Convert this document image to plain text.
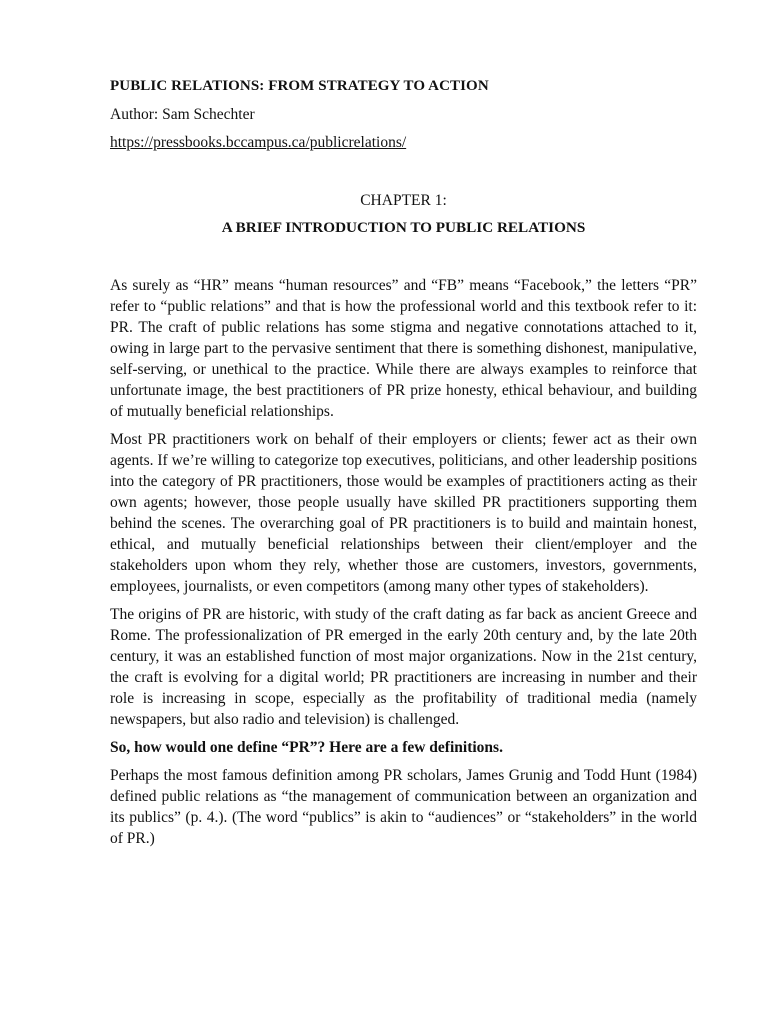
PUBLIC RELATIONS: FROM STRATEGY TO ACTION
Author: Sam Schechter
https://pressbooks.bccampus.ca/publicrelations/
CHAPTER 1:
A BRIEF INTRODUCTION TO PUBLIC RELATIONS

As surely as “HR” means “human resources” and “FB” means “Facebook,” the letters “PR” refer to “public relations” and that is how the professional world and this textbook refer to it: PR. The craft of public relations has some stigma and negative connotations attached to it, owing in large part to the pervasive sentiment that there is something dishonest, manipulative, self-serving, or unethical to the practice. While there are always examples to reinforce that unfortunate image, the best practitioners of PR prize honesty, ethical behaviour, and building of mutually beneficial relationships.

Most PR practitioners work on behalf of their employers or clients; fewer act as their own agents. If we’re willing to categorize top executives, politicians, and other leadership positions into the category of PR practitioners, those would be examples of practitioners acting as their own agents; however, those people usually have skilled PR practitioners supporting them behind the scenes. The overarching goal of PR practitioners is to build and maintain honest, ethical, and mutually beneficial relationships between their client/employer and the stakeholders upon whom they rely, whether those are customers, investors, governments, employees, journalists, or even competitors (among many other types of stakeholders).

The origins of PR are historic, with study of the craft dating as far back as ancient Greece and Rome. The professionalization of PR emerged in the early 20th century and, by the late 20th century, it was an established function of most major organizations. Now in the 21st century, the craft is evolving for a digital world; PR practitioners are increasing in number and their role is increasing in scope, especially as the profitability of traditional media (namely newspapers, but also radio and television) is challenged.

So, how would one define “PR”? Here are a few definitions.

Perhaps the most famous definition among PR scholars, James Grunig and Todd Hunt (1984) defined public relations as “the management of communication between an organization and its publics” (p. 4.). (The word “publics” is akin to “audiences” or “stakeholders” in the world of PR.)
